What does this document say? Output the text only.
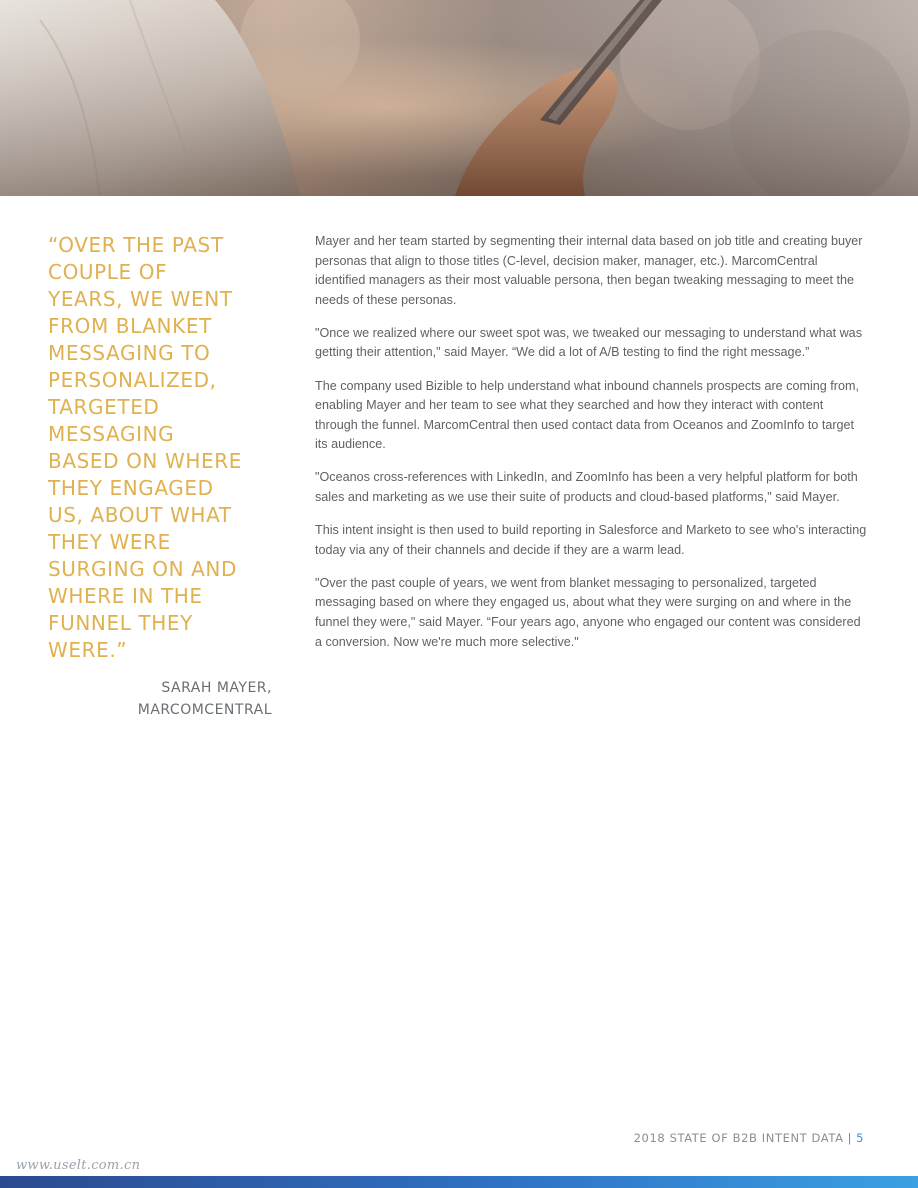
“OVER THE PAST
COUPLE OF
YEARS, WE WENT
FROM BLANKET
MESSAGING TO
PERSONALIZED,
TARGETED
MESSAGING
BASED ON WHERE
THEY ENGAGED
US, ABOUT WHAT
THEY WERE
SURGING ON AND
WHERE IN THE
FUNNEL THEY
WERE.”

SARAH MAYER,
MARCOMCENTRAL

Mayer and her team started by segmenting their internal data based on job title and creating buyer personas that align to those titles (C-level, decision maker, manager, etc.). MarcomCentral identified managers as their most valuable persona, then began tweaking messaging to meet the needs of these personas.

"Once we realized where our sweet spot was, we tweaked our messaging to understand what was getting their attention," said Mayer. “We did a lot of A/B testing to find the right message.”

The company used Bizible to help understand what inbound channels prospects are coming from, enabling Mayer and her team to see what they searched and how they interact with content through the funnel. MarcomCentral then used contact data from Oceanos and ZoomInfo to target its audience.

"Oceanos cross-references with LinkedIn, and ZoomInfo has been a very helpful platform for both sales and marketing as we use their suite of products and cloud-based platforms," said Mayer.

This intent insight is then used to build reporting in Salesforce and Marketo to see who's interacting today via any of their channels and decide if they are a warm lead.

"Over the past couple of years, we went from blanket messaging to personalized, targeted messaging based on where they engaged us, about what they were surging on and where in the funnel they were," said Mayer. “Four years ago, anyone who engaged our content was considered a conversion. Now we're much more selective."

2018 STATE OF B2B INTENT DATA | 5
www.uselt.com.cn
